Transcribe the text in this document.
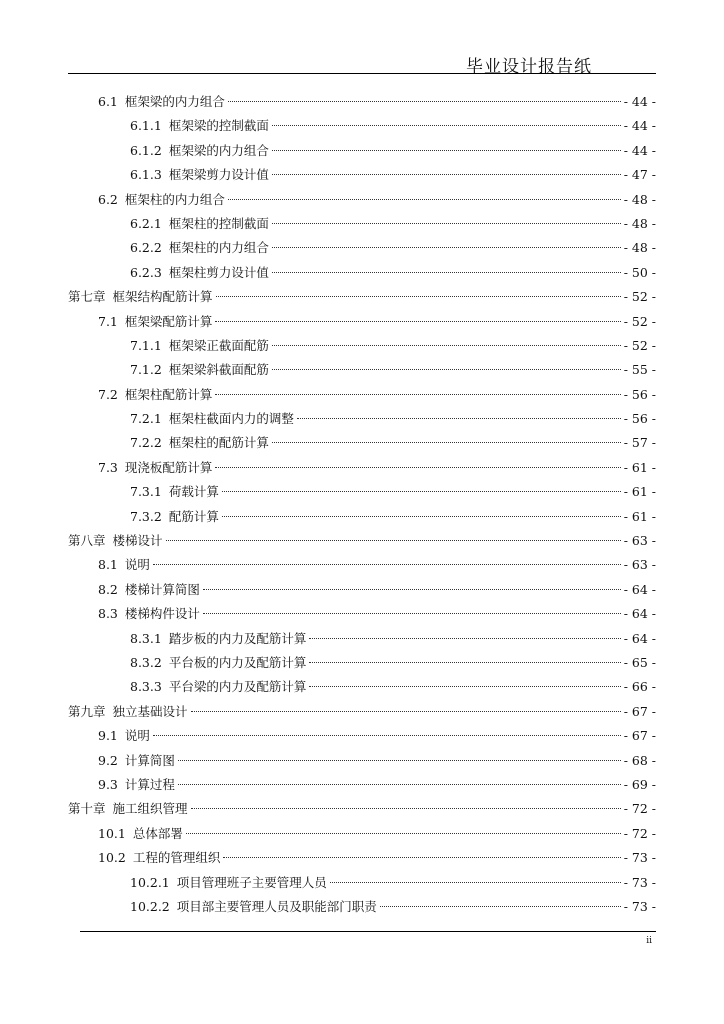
毕业设计报告纸
6.1 框架梁的内力组合	- 44 -
6.1.1 框架梁的控制截面	- 44 -
6.1.2 框架梁的内力组合	- 44 -
6.1.3 框架梁剪力设计值	- 47 -
6.2 框架柱的内力组合	- 48 -
6.2.1 框架柱的控制截面	- 48 -
6.2.2 框架柱的内力组合	- 48 -
6.2.3 框架柱剪力设计值	- 50 -
第七章 框架结构配筋计算	- 52 -
7.1 框架梁配筋计算	- 52 -
7.1.1 框架梁正截面配筋	- 52 -
7.1.2 框架梁斜截面配筋	- 55 -
7.2 框架柱配筋计算	- 56 -
7.2.1 框架柱截面内力的调整	- 56 -
7.2.2 框架柱的配筋计算	- 57 -
7.3 现浇板配筋计算	- 61 -
7.3.1 荷载计算	- 61 -
7.3.2 配筋计算	- 61 -
第八章 楼梯设计	- 63 -
8.1 说明	- 63 -
8.2 楼梯计算简图	- 64 -
8.3 楼梯构件设计	- 64 -
8.3.1 踏步板的内力及配筋计算	- 64 -
8.3.2 平台板的内力及配筋计算	- 65 -
8.3.3 平台梁的内力及配筋计算	- 66 -
第九章 独立基础设计	- 67 -
9.1 说明	- 67 -
9.2 计算简图	- 68 -
9.3 计算过程	- 69 -
第十章 施工组织管理	- 72 -
10.1 总体部署	- 72 -
10.2 工程的管理组织	- 73 -
10.2.1 项目管理班子主要管理人员	- 73 -
10.2.2 项目部主要管理人员及职能部门职责	- 73 -
ii
